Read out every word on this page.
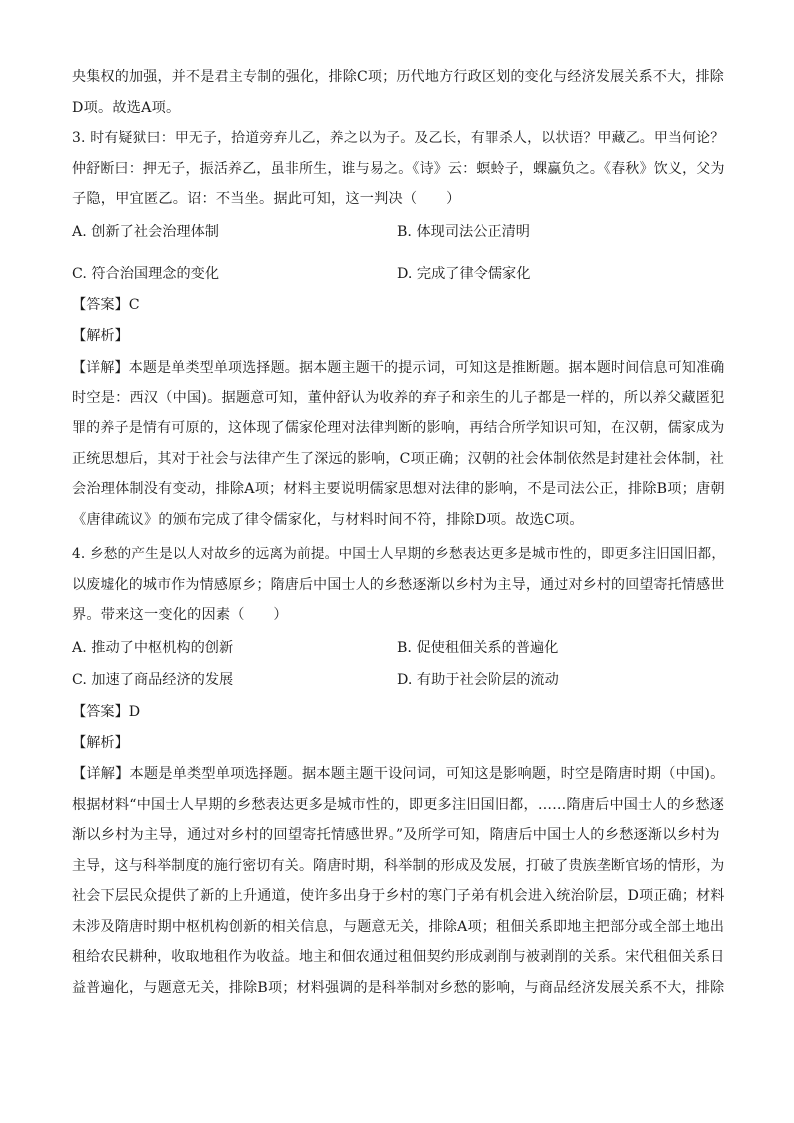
央集权的加强，并不是君主专制的强化，排除C项；历代地方行政区划的变化与经济发展关系不大，排除
D项。故选A项。
3. 时有疑狱曰：甲无子，拾道旁弃儿乙，养之以为子。及乙长，有罪杀人，以状语？甲藏乙。甲当何论？
仲舒断曰：押无子，振活养乙，虽非所生，谁与易之。《诗》云：螟蛉子，蜾蠃负之。《春秋》饮义，父为
子隐，甲宜匿乙。诏：不当坐。据此可知，这一判决（　　）
A. 创新了社会治理体制	B. 体现司法公正清明
C. 符合治国理念的变化	D. 完成了律令儒家化
【答案】C
【解析】
【详解】本题是单类型单项选择题。据本题主题干的提示词，可知这是推断题。据本题时间信息可知准确
时空是：西汉（中国)。据题意可知，董仲舒认为收养的弃子和亲生的儿子都是一样的，所以养父藏匿犯
罪的养子是情有可原的，这体现了儒家伦理对法律判断的影响，再结合所学知识可知，在汉朝，儒家成为
正统思想后，其对于社会与法律产生了深远的影响，C项正确；汉朝的社会体制依然是封建社会体制，社
会治理体制没有变动，排除A项；材料主要说明儒家思想对法律的影响，不是司法公正，排除B项；唐朝
《唐律疏议》的颁布完成了律令儒家化，与材料时间不符，排除D项。故选C项。
4. 乡愁的产生是以人对故乡的远离为前提。中国士人早期的乡愁表达更多是城市性的，即更多注旧国旧都，
以废墟化的城市作为情感原乡；隋唐后中国士人的乡愁逐渐以乡村为主导，通过对乡村的回望寄托情感世
界。带来这一变化的因素（　　）
A. 推动了中枢机构的创新	B. 促使租佃关系的普遍化
C. 加速了商品经济的发展	D. 有助于社会阶层的流动
【答案】D
【解析】
【详解】本题是单类型单项选择题。据本题主题干设问词，可知这是影响题，时空是隋唐时期（中国)。
根据材料“中国士人早期的乡愁表达更多是城市性的，即更多注旧国旧都，……隋唐后中国士人的乡愁逐
渐以乡村为主导，通过对乡村的回望寄托情感世界。”及所学可知，隋唐后中国士人的乡愁逐渐以乡村为
主导，这与科举制度的施行密切有关。隋唐时期，科举制的形成及发展，打破了贵族垄断官场的情形，为
社会下层民众提供了新的上升通道，使许多出身于乡村的寒门子弟有机会进入统治阶层，D项正确；材料
未涉及隋唐时期中枢机构创新的相关信息，与题意无关，排除A项；租佃关系即地主把部分或全部土地出
租给农民耕种，收取地租作为收益。地主和佃农通过租佃契约形成剥削与被剥削的关系。宋代租佃关系日
益普遍化，与题意无关，排除B项；材料强调的是科举制对乡愁的影响，与商品经济发展关系不大，排除
